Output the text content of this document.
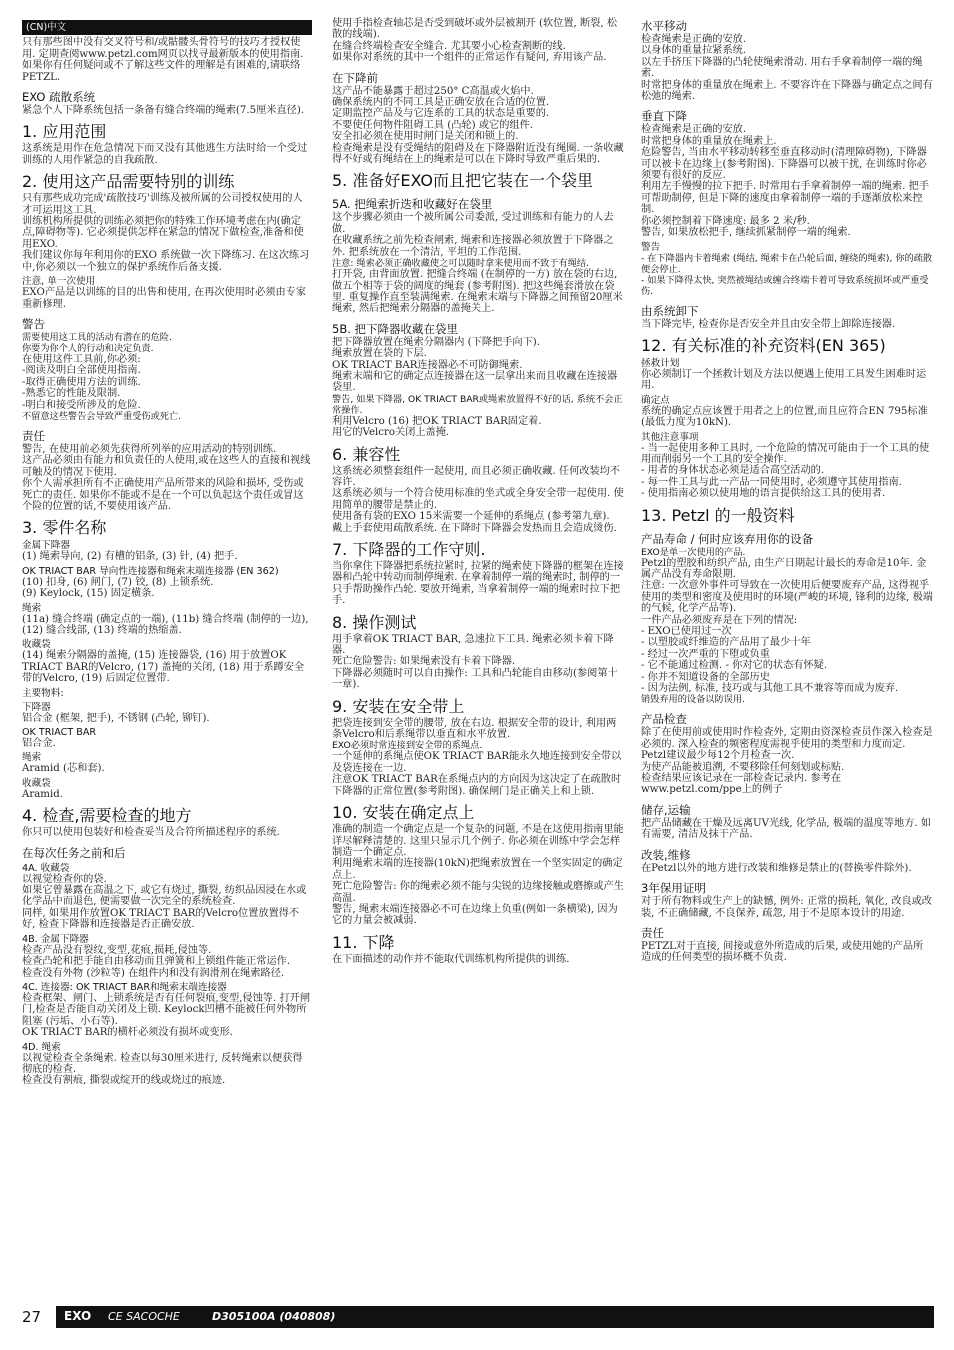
(CN)中文

只有那些图中没有交叉符号和/或骷髅头骨符号的技巧才授权使用. 定期查阅www.petzl.com网页以找寻最新版本的使用指南. 如果你有任何疑问或不了解这些文件的理解是有困难的,请联络PETZL.

EXO 疏散系统

紧急个人下降系统包括一条备有缝合终端的绳索(7.5厘米直径).

1. 应用范围

这系统是用作在危急情况下而又没有其他逃生方法时给一个受过训练的人用作紧急的自我疏散.

2. 使用这产品需要特别的训练

只有那些成功完成'疏散技巧'训练及被所属的公司授权使用的人才可运用这工具.
训练机构所提供的训练必须把你的特殊工作环境考虑在内(确定点,障碍物等). 它必须提供怎样在紧急的情况下做检查,准备和使用EXO.
我们建议你每年利用你的EXO 系统做一次下降练习. 在这次练习中,你必须以一个独立的保护系统作后备支援.

注意, 单一次使用

EXO产品是以训练的目的出售和使用, 在再次使用时必须由专家重新修理.

警告

需要使用这工具的活动有潜在的危险.
你要为你个人的行动和决定负责.

在使用这件工具前,你必须:
-阅读及明白全部使用指南.
-取得正确使用方法的训练.
-熟悉它的性能及限制.
-明白和接受所涉及的危险.

不留意这些警告会导致严重受伤或死亡.

责任

警告, 在使用前必须先获得所列举的应用活动的特别训练.
这产品必须由有能力和负责任的人使用,或在这些人的直接和视线可触及的情况下使用.
你个人需承担所有不正确使用产品所带来的风险和损坏, 受伤或死亡的责任. 如果你不能或不是在一个可以负起这个责任或冒这个险的位置的话,不要使用该产品.

3. 零件名称
金属下降器

(1) 绳索导向, (2) 有槽的铝条, (3) 针, (4) 把手.

OK TRIACT BAR 导向性连接器和绳索末端连接器 (EN 362)

(10) 扣身, (6) 闸门, (7) 铰, (8) 上锁系统.
(9) Keylock, (15) 固定横条.

绳索

(11a) 缝合终端 (确定点的一端), (11b) 缝合终端 (制停的一边), (12) 缝合线部, (13) 终端的热缩盖.

收藏袋

(14) 绳索分隔器的盖掩, (15) 连接器袋, (16) 用于放置OK TRIACT BAR的Velcro, (17) 盖掩的关闭, (18) 用于系蹲安全带的Velcro, (19) 后固定位置带.

主要物料:
下降器

铝合金 (框架, 把手), 不锈钢 (凸轮, 铆钉).

OK TRIACT BAR

铝合金.

绳索

Aramid (芯和套).

收藏袋

Aramid.

4. 检查,需要检查的地方

你只可以使用包装好和检查妥当及合符所描述程序的系统.

在每次任务之前和后
4A. 收藏袋

以视觉检查你的袋.
如果它曾暴露在高温之下, 或它有烧过, 撕裂, 纺织品因浸在水或化学品中而退色, 便需要做一次完全的系统检查.
同样, 如果用作放置OK TRIACT BAR的Velcro位置放置得不好, 检查下降器和连接器是否正确安放.

4B. 金属下降器

检查产品没有裂纹,变型,花痕,损耗,侵蚀等.
检查凸轮和把手能自由移动而且弹簧和上锁组件能正常运作.
检查没有外物 (沙粒等) 在组件内和没有润滑剂在绳索路径.

4C. 连接器: OK TRIACT BAR和绳索末端连接器

检查框架、闸门、上锁系统是否有任何裂痕,变型,侵蚀等. 打开闸门,检查是否能自动关闭及上锁. Keylock凹槽不能被任何外物所阻塞 (污垢、小石等).
OK TRIACT BAR的横杆必须没有损坏或变形.

4D. 绳索

以视觉检查全条绳索. 检查以每30厘米进行, 反转绳索以便获得彻底的检查.
检查没有割痕, 撕裂或绽开的线或烧过的痕迹.

使用手指检查轴芯是否受到破坏或外层被割开 (软位置, 断裂, 松散的线端).
在缝合终端检查安全缝合. 尤其要小心检查割断的线.
如果你对系统的其中一个组件的正常运作有疑问, 弃用该产品.

在下降前

这产品不能暴露于超过250° C高温或火焰中.
确保系统内的不同工具是正确安放在合适的位置.
定期监控产品及与它连系的工具的状态是重要的.
不要使任何物件阻碍工具 (凸轮) 或它的组件.
安全扣必须在使用时闸门是关闭和锁上的.
检查绳索是没有受绳结的阻碍及在下降器附近没有绳圈. 一条收藏得不好或有绳结在上的绳索是可以在下降时导致严重后果的.

5. 准备好EXO而且把它装在一个袋里
5A. 把绳索折迭和收藏好在袋里

这个步骤必须由一个被所属公司委派, 受过训练和有能力的人去做.
在收藏系统之前先检查闸索, 绳索和连接器必须放置于下降器之外. 把系统放在一个清洁, 平坦的工作范围.

注意: 绳索必须正确收藏使之可以随时拿来使用而不致于有绳结.

打开袋, 由背面放置. 把缝合终端 (在制停的一方) 放在袋的右边, 做五个相等于袋的阔度的绳套 (参考附图). 把这些绳套滑放在袋里. 重复操作直至装满绳索. 在绳索末端与下降器之间预留20厘米绳索, 然后把绳索分隔器的盖掩关上.

5B. 把下降器收藏在袋里

把下降器放置在绳索分隔器内 (下降把手向下).
绳索放置在袋的下层.
OK TRIACT BAR连接器必不可防御绳索.
绳索末端和它的确定点连接器在这一层拿出来而且收藏在连接器袋里.

警告, 如果下降器, OK TRIACT BAR或绳索放置得不好的话, 系统不会正常操作.

利用Velcro (16) 把OK TRIACT BAR固定着.
用它的Velcro关闭上盖掩.

6. 兼容性

这系统必须整套组件一起使用, 而且必须正确收藏. 任何改装均不容许.
这系统必须与一个符合使用标准的坐式或全身安全带一起使用. 使用简单的腰带是禁止的.
使用备有袋的EXO 15米需要一个延伸的系绳点 (参考第九章).
戴上手套使用疏散系统. 在下降时下降器会发热而且会造成烫伤.

7. 下降器的工作守则.

当你拿住下降器把系统拉紧时, 拉紧的绳索使下降器的框架在连接器和凸轮中转动而制停绳索. 在拿着制停一端的绳索时, 制停的一只手帮助操作凸轮. 要放开绳索, 当拿着制停一端的绳索时拉下把手.

8. 操作测试

用手拿着OK TRIACT BAR, 急速拉下工具. 绳索必须卡着下降器.
死亡危险警告: 如果绳索没有卡着下降器.
下降器必须随时可以自由操作: 工具和凸轮能自由移动(参阅第十一章).

9. 安装在安全带上

把袋连接到安全带的腰带, 放在右边. 根据安全带的设计, 利用两条Velcro和后系绳带以垂直和水平放置.

EXO必须时常连接到安全带的系绳点.

一个延伸的系绳点使OK TRIACT BAR能永久地连接到安全带以及袋连接在一边.
注意OK TRIACT BAR在系绳点内的方向因为这决定了在疏散时下降器的正常位置(参考附图). 确保闸门是正确关上和上锁.

10. 安装在确定点上

准确的制造一个确定点是一个复杂的问题, 不是在这使用指南里能详尽解释清楚的. 这里只显示几个例子. 你必须在训练中学会怎样制造一个确定点.
利用绳索末端的连接器(10kN)把绳索放置在一个坚实固定的确定点上.
死亡危险警告: 你的绳索必须不能与尖锐的边缘接触或磨擦或产生高温.
警告, 绳索末端连接器必不可在边缘上负重(例如一条横梁), 因为它的力量会被减弱.

11. 下降

在下面描述的动作并不能取代训练机构所提供的训练.

水平移动

检查绳索是正确的安放.
以身体的重量拉紧系统.
以左手挤压下降器的凸轮使绳索滑动. 用右手拿着制停一端的绳索.
时常把身体的重量放在绳索上. 不要容许在下降器与确定点之间有松弛的绳索.

垂直下降

检查绳索是正确的安放.
时常把身体的重量放在绳索上.
危险警告, 当由水平移动转移至垂直移动时(清理障碍物), 下降器可以被卡在边缘上(参考附图). 下降器可以被干扰, 在训练时你必须要有很好的反应.
利用左手慢慢的拉下把手. 时常用右手拿着制停一端的绳索. 把手可帮助制停, 但是下降的速度由拿着制停一端的手逐渐放松来控制.
你必须控制着下降速度: 最多 2 米/秒.
警告, 如果放松把手, 继续抓紧制停一端的绳索.

警告

- 在下降器内卡着绳索 (绳结, 绳索卡在凸轮后面, 缠绕的绳索), 你的疏散便会停止.
- 如果下降得太快, 突然被绳结或缠合终端卡着可导致系统损坏或严重受伤.

由系统卸下

当下降完毕, 检查你是否安全并且由安全带上卸除连接器.

12. 有关标准的补充资料(EN 365)
拯救计划

你必须制订一个拯救计划及方法以便遇上使用工具发生困难时运用.

确定点

系统的确定点应该置于用者之上的位置,而且应符合EN 795标准(最低力度为10kN).

其他注意事项

- 当一起使用多种工具时, 一个危险的情况可能由于一个工具的使用而削弱另一个工具的安全操作.
- 用者的身体状态必须是适合高空活动的.
- 每一件工具与此一产品一同使用时, 必须遵守其使用指南.
- 使用指南必须以使用地的语言提供给这工具的使用者.

13. Petzl 的一般资料
产品寿命 / 何时应该弃用你的设备

EXO是单一次使用的产品.

Petzl的塑胶和纺织产品, 由生产日期起计最长的寿命是10年. 金属产品没有寿命限期.
注意: 一次意外事件可导致在一次使用后便要废弃产品, 这得视乎使用的类型和密度及使用时的环境(严峻的环境, 锋利的边缘, 极端的气候, 化学产品等).
一件产品必须废弃是在下列的情况:
- EXO已使用过一次
- 以塑胶或纤维造的产品用了最少十年
- 经过一次严重的下堕或负重
- 它不能通过检测. - 你对它的状态有怀疑.
- 你并不知道设备的全部历史
- 因为法例, 标准, 技巧或与其他工具不兼容等而成为废弃.

销毁弃用的设备以防误用.

产品检查

除了在使用前或使用时作检查外, 定期由资深检查员作深入检查是必须的. 深入检查的频密程度需视乎使用的类型和力度而定. Petzl建议最少每12个月检查一次.
为使产品能被追溯, 不要移除任何刻划或标贴.
检查结果应该记录在一部检查记录内. 参考在www.petzl.com/ppe上的例子

储存,运输

把产品储藏在干燥及远离UV光线, 化学品, 极端的温度等地方. 如有需要, 清洁及抹干产品.

改装,维修

在Petzl以外的地方进行改装和维修是禁止的(替换零件除外).

3年保用证明

对于所有物料或生产上的缺憾, 例外: 正常的损耗, 氧化, 改良或改装, 不正确储藏, 不良保养, 疏忽, 用于不是原本设计的用途.

责任

PETZL对于直接, 间接或意外所造成的后果, 或使用她的产品所造成的任何类型的损坏概不负责.

27 EXO CE SACOCHE	D305100A (040808)
